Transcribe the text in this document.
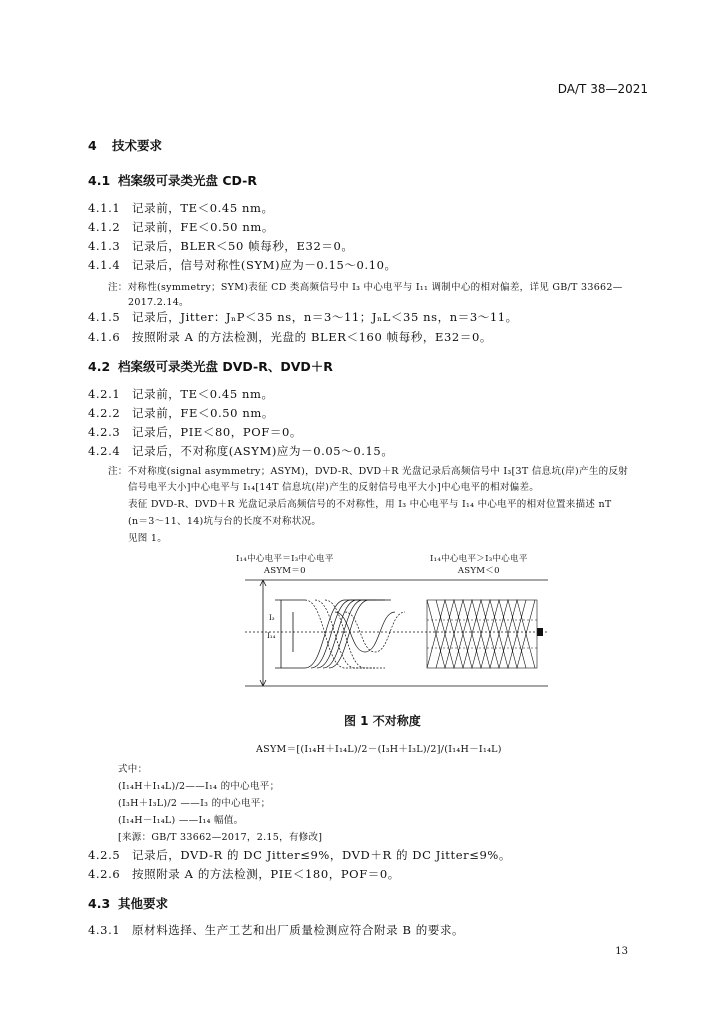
DA/T 38—2021
4 技术要求
4.1 档案级可录类光盘 CD-R
4.1.1 记录前，TE＜0.45 nm。
4.1.2 记录前，FE＜0.50 nm。
4.1.3 记录后，BLER＜50 帧每秒，E32＝0。
4.1.4 记录后，信号对称性(SYM)应为－0.15～0.10。
注：对称性(symmetry；SYM)表征 CD 类高频信号中 I₃ 中心电平与 I₁₁ 调制中心的相对偏差，详见 GB/T 33662—
2017.2.14。
4.1.5 记录后，Jitter：JₙP＜35 ns，n＝3～11；JₙL＜35 ns，n＝3～11。
4.1.6 按照附录 A 的方法检测，光盘的 BLER＜160 帧每秒，E32＝0。
4.2 档案级可录类光盘 DVD-R、DVD＋R
4.2.1 记录前，TE＜0.45 nm。
4.2.2 记录前，FE＜0.50 nm。
4.2.3 记录后，PIE＜80，POF＝0。
4.2.4 记录后，不对称度(ASYM)应为－0.05～0.15。
注：不对称度(signal asymmetry；ASYM)，DVD-R、DVD＋R 光盘记录后高频信号中 I₃[3T 信息坑(岸)产生的反射
信号电平大小]中心电平与 I₁₄[14T 信息坑(岸)产生的反射信号电平大小]中心电平的相对偏差。
表征 DVD-R、DVD＋R 光盘记录后高频信号的不对称性，用 I₃ 中心电平与 I₁₄ 中心电平的相对位置来描述 nT
(n＝3～11、14)坑与台的长度不对称状况。
见图 1。
I₁₄中心电平＝I₃中心电平
ASYM＝0
I₁₄中心电平＞I₃中心电平
ASYM＜0
I₃
I₁₄
图 1 不对称度
ASYM＝[(I₁₄H＋I₁₄L)/2－(I₃H＋I₃L)/2]/(I₁₄H－I₁₄L)
式中：
(I₁₄H＋I₁₄L)/2——I₁₄ 的中心电平；
(I₃H＋I₃L)/2 ——I₃ 的中心电平；
(I₁₄H－I₁₄L) ——I₁₄ 幅值。
[来源：GB/T 33662—2017，2.15，有修改]
4.2.5 记录后，DVD-R 的 DC Jitter≤9%，DVD＋R 的 DC Jitter≤9%。
4.2.6 按照附录 A 的方法检测，PIE＜180，POF＝0。
4.3 其他要求
4.3.1 原材料选择、生产工艺和出厂质量检测应符合附录 B 的要求。
13
